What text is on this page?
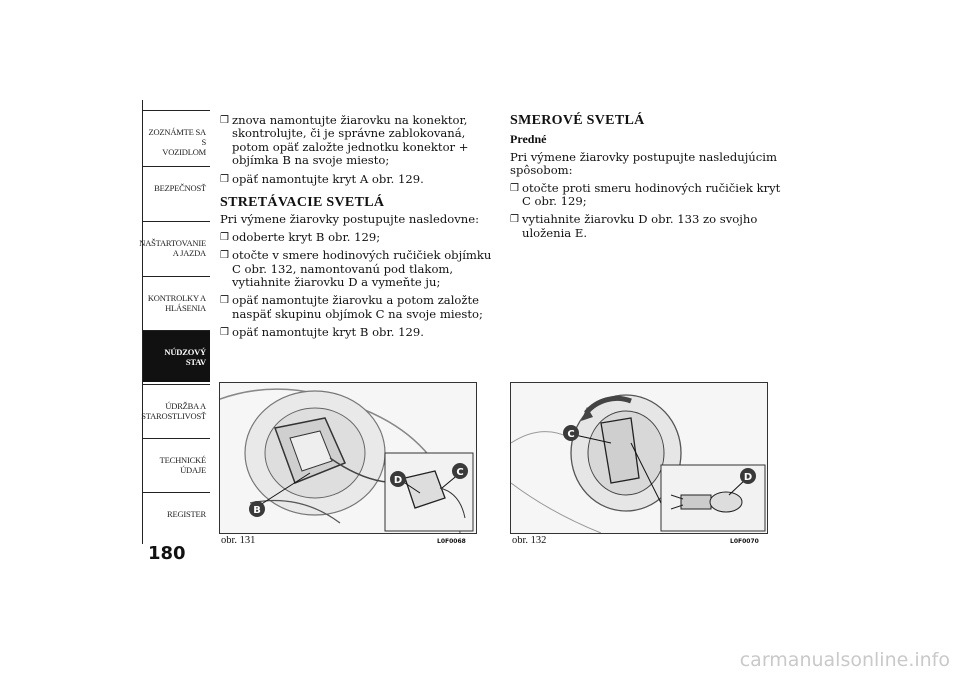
ZOZNÁMTE SA S
VOZIDLOM
BEZPEČNOSŤ
NAŠTARTOVANIE
A JAZDA
KONTROLKY A
HLÁSENIA
NÚDZOVÝ STAV
ÚDRŽBA A
STAROSTLIVOSŤ
TECHNICKÉ
ÚDAJE
REGISTER
180
❒ znova namontujte žiarovku na konektor, skontrolujte, či je správne zablokovaná, potom opäť založte jednotku konektor + objímka B na svoje miesto;
❒ opäť namontujte kryt A obr. 129.
STRETÁVACIE SVETLÁ
Pri výmene žiarovky postupujte nasledovne:
❒ odoberte kryt B obr. 129;
❒ otočte v smere hodinových ručičiek objímku C obr. 132, namontovanú pod tlakom, vytiahnite žiarovku D a vymeňte ju;
❒ opäť namontujte žiarovku a potom založte naspäť skupinu objímok C na svoje miesto;
❒ opäť namontujte kryt B obr. 129.
SMEROVÉ SVETLÁ
Predné
Pri výmene žiarovky postupujte nasledujúcim spôsobom:
❒ otočte proti smeru hodinových ručičiek kryt C obr. 129;
❒ vytiahnite žiarovku D obr. 133 zo svojho uloženia E.
B
D
C
obr. 131	L0F0068
C
D
obr. 132	L0F0070
carmanualsonline.info
